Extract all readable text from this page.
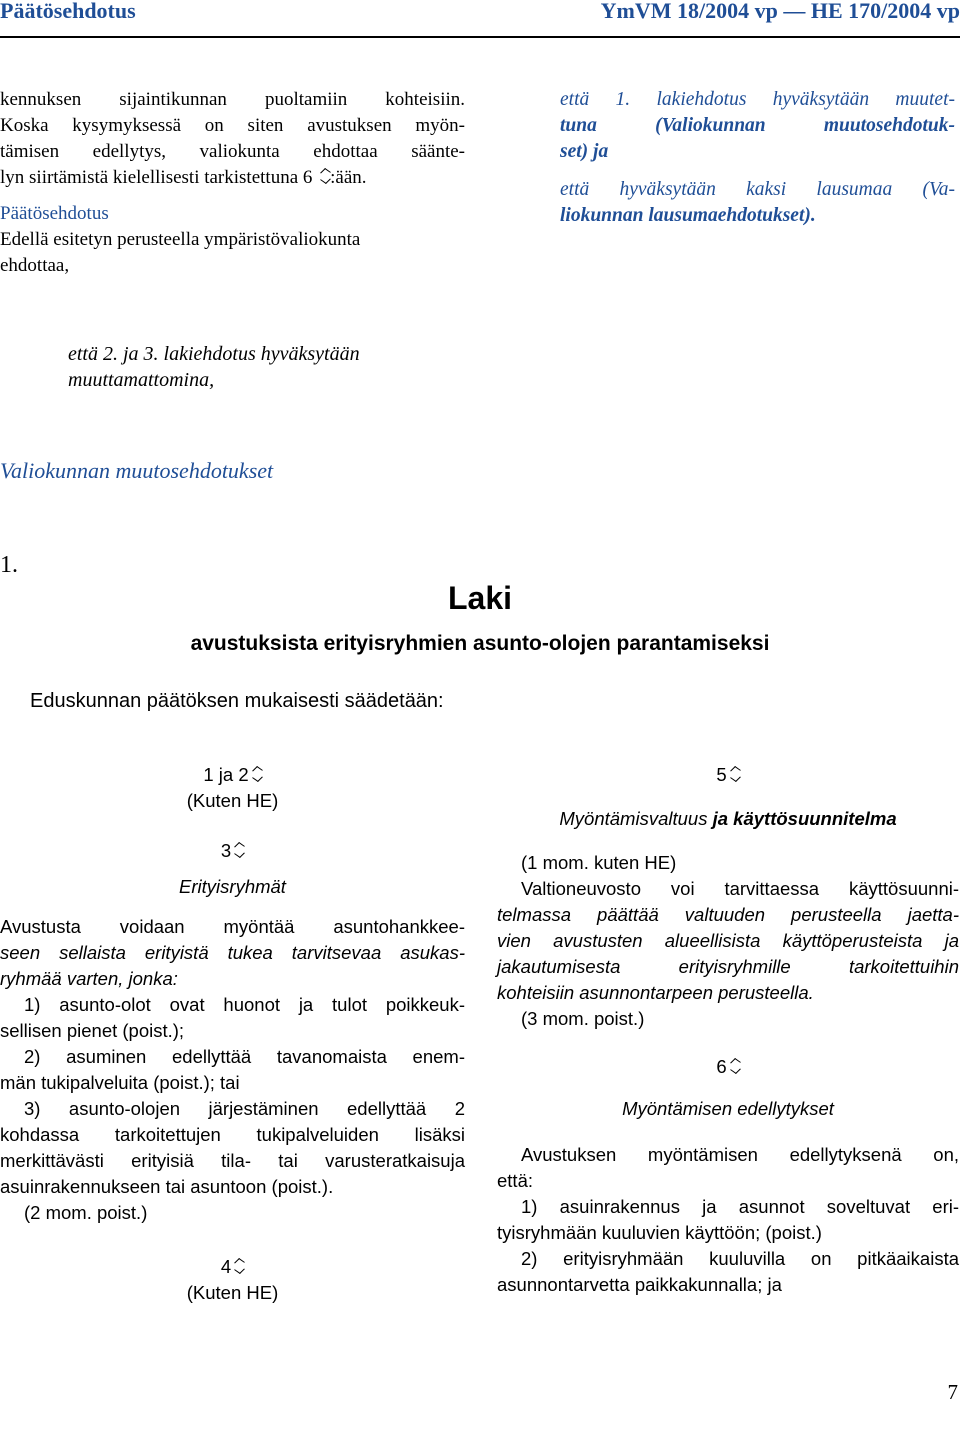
Päätösehdotus	YmVM 18/2004 vp — HE 170/2004 vp
kennuksen sijaintikunnan puoltamiin kohteisiin.
Koska kysymyksessä on siten avustuksen myön-
tämisen edellytys, valiokunta ehdottaa säänte-
lyn siirtämistä kielellisesti tarkistettuna 6 :ään.
Päätösehdotus
Edellä esitetyn perusteella ympäristövaliokunta
ehdottaa,
että 2. ja 3. lakiehdotus hyväksytään
muuttamattomina,
että 1. lakiehdotus hyväksytään muutet-
tuna (Valiokunnan muutosehdotuk-
set) ja
että hyväksytään kaksi lausumaa (Va-
liokunnan lausumaehdotukset).
Valiokunnan muutosehdotukset
1.
Laki
avustuksista erityisryhmien asunto-olojen parantamiseksi
Eduskunnan päätöksen mukaisesti säädetään:
1 ja 2
(Kuten HE)
3
Erityisryhmät
Avustusta voidaan myöntää asuntohankkee-
seen sellaista erityistä tukea tarvitsevaa asukas-
ryhmää varten, jonka:
1) asunto-olot ovat huonot ja tulot poikkeuk-
sellisen pienet (poist.);
2) asuminen edellyttää tavanomaista enem-
män tukipalveluita (poist.); tai
3) asunto-olojen järjestäminen edellyttää 2
kohdassa tarkoitettujen tukipalveluiden lisäksi
merkittävästi erityisiä tila- tai varusteratkaisuja
asuinrakennukseen tai asuntoon (poist.).
(2 mom. poist.)
4
(Kuten HE)
5
Myöntämisvaltuus ja käyttösuunnitelma
(1 mom. kuten HE)
Valtioneuvosto voi tarvittaessa käyttösuunni-
telmassa päättää valtuuden perusteella jaetta-
vien avustusten alueellisista käyttöperusteista ja
jakautumisesta erityisryhmille tarkoitettuihin
kohteisiin asunnontarpeen perusteella.
(3 mom. poist.)
6
Myöntämisen edellytykset
Avustuksen myöntämisen edellytyksenä on,
että:
1) asuinrakennus ja asunnot soveltuvat eri-
tyisryhmään kuuluvien käyttöön; (poist.)
2) erityisryhmään kuuluvilla on pitkäaikaista
asunnontarvetta paikkakunnalla; ja
7
